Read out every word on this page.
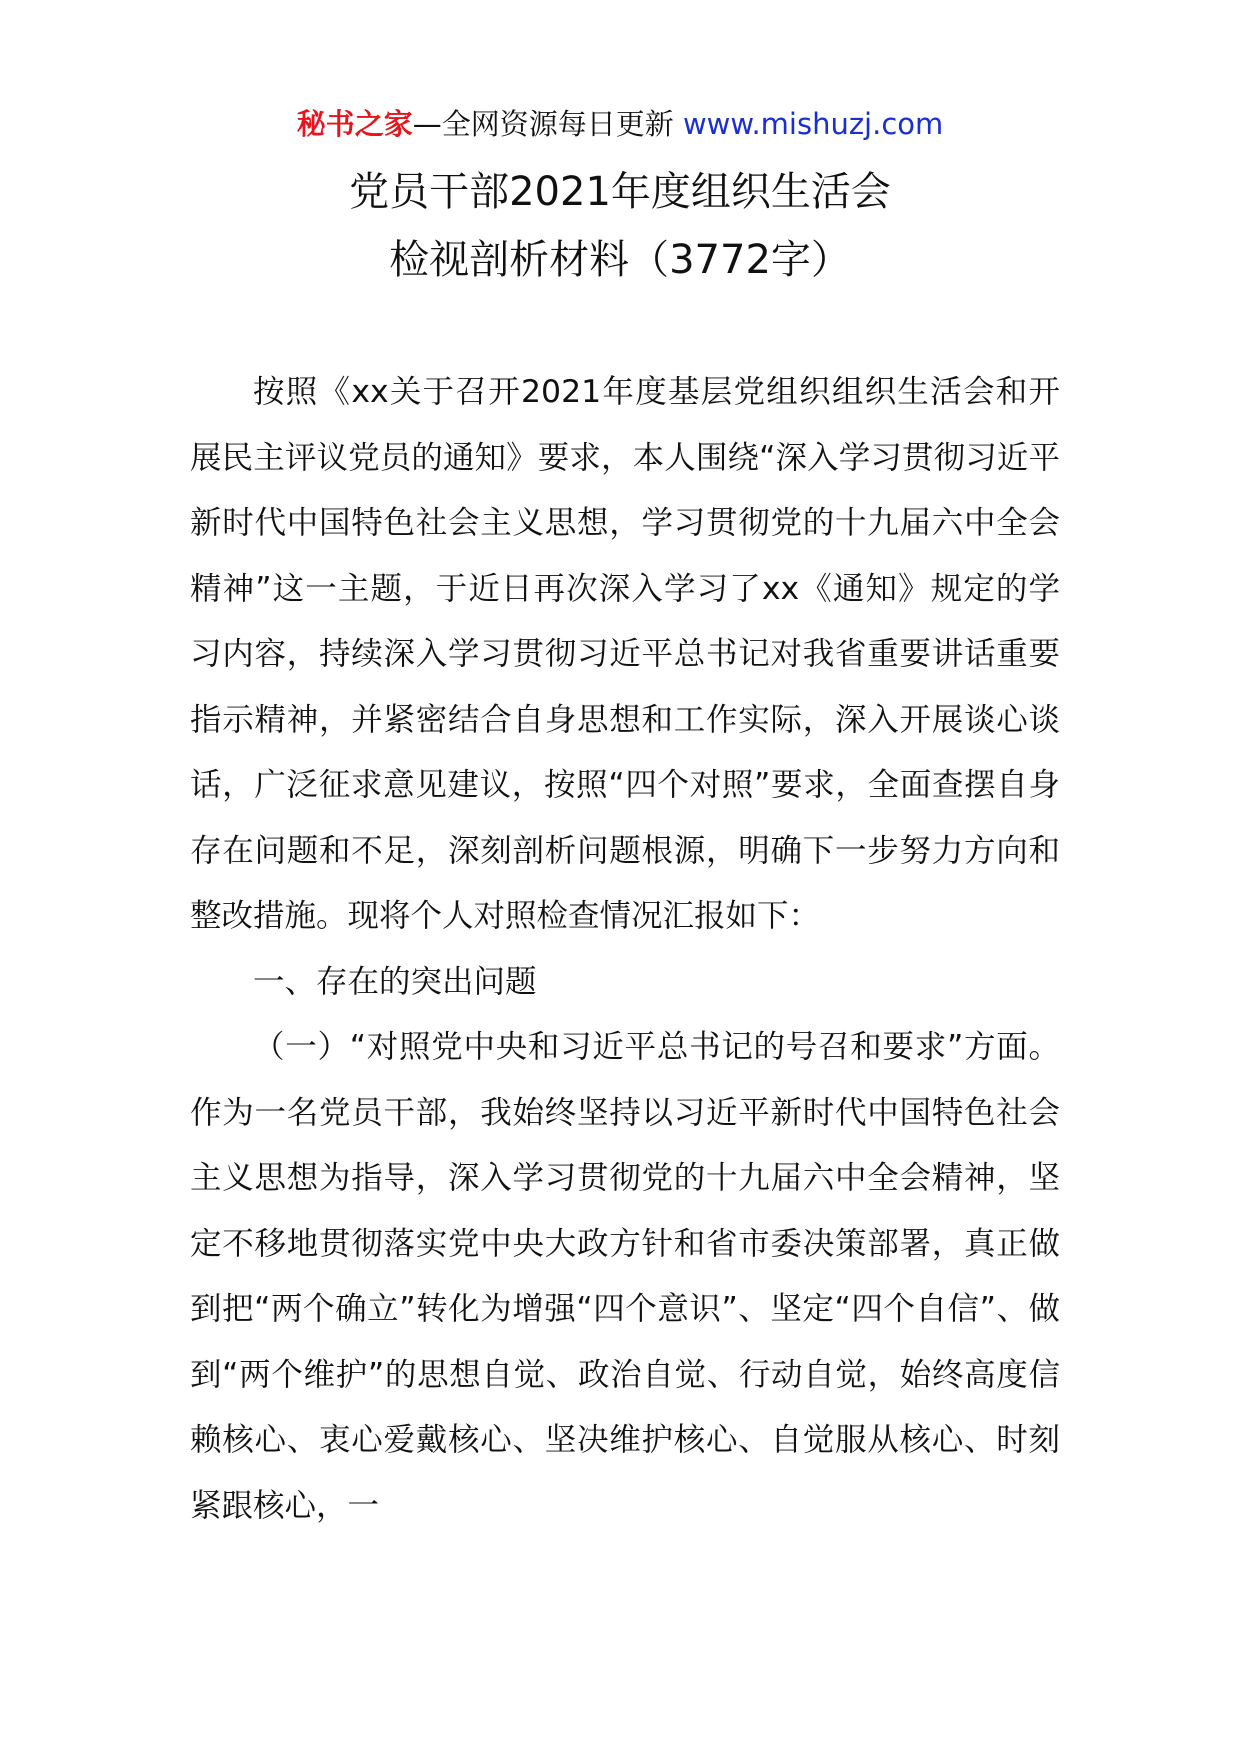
秘书之家—全网资源每日更新 www.mishuzj.com
党员干部2021年度组织生活会
检视剖析材料（3772字）

按照《xx关于召开2021年度基层党组织组织生活会和开展民主评议党员的通知》要求，本人围绕“深入学习贯彻习近平新时代中国特色社会主义思想，学习贯彻党的十九届六中全会精神”这一主题，于近日再次深入学习了xx《通知》规定的学习内容，持续深入学习贯彻习近平总书记对我省重要讲话重要指示精神，并紧密结合自身思想和工作实际，深入开展谈心谈话，广泛征求意见建议，按照“四个对照”要求，全面查摆自身存在问题和不足，深刻剖析问题根源，明确下一步努力方向和整改措施。现将个人对照检查情况汇报如下：

一、存在的突出问题

（一）“对照党中央和习近平总书记的号召和要求”方面。作为一名党员干部，我始终坚持以习近平新时代中国特色社会主义思想为指导，深入学习贯彻党的十九届六中全会精神，坚定不移地贯彻落实党中央大政方针和省市委决策部署，真正做到把“两个确立”转化为增强“四个意识”、坚定“四个自信”、做到“两个维护”的思想自觉、政治自觉、行动自觉，始终高度信赖核心、衷心爱戴核心、坚决维护核心、自觉服从核心、时刻紧跟核心，一
